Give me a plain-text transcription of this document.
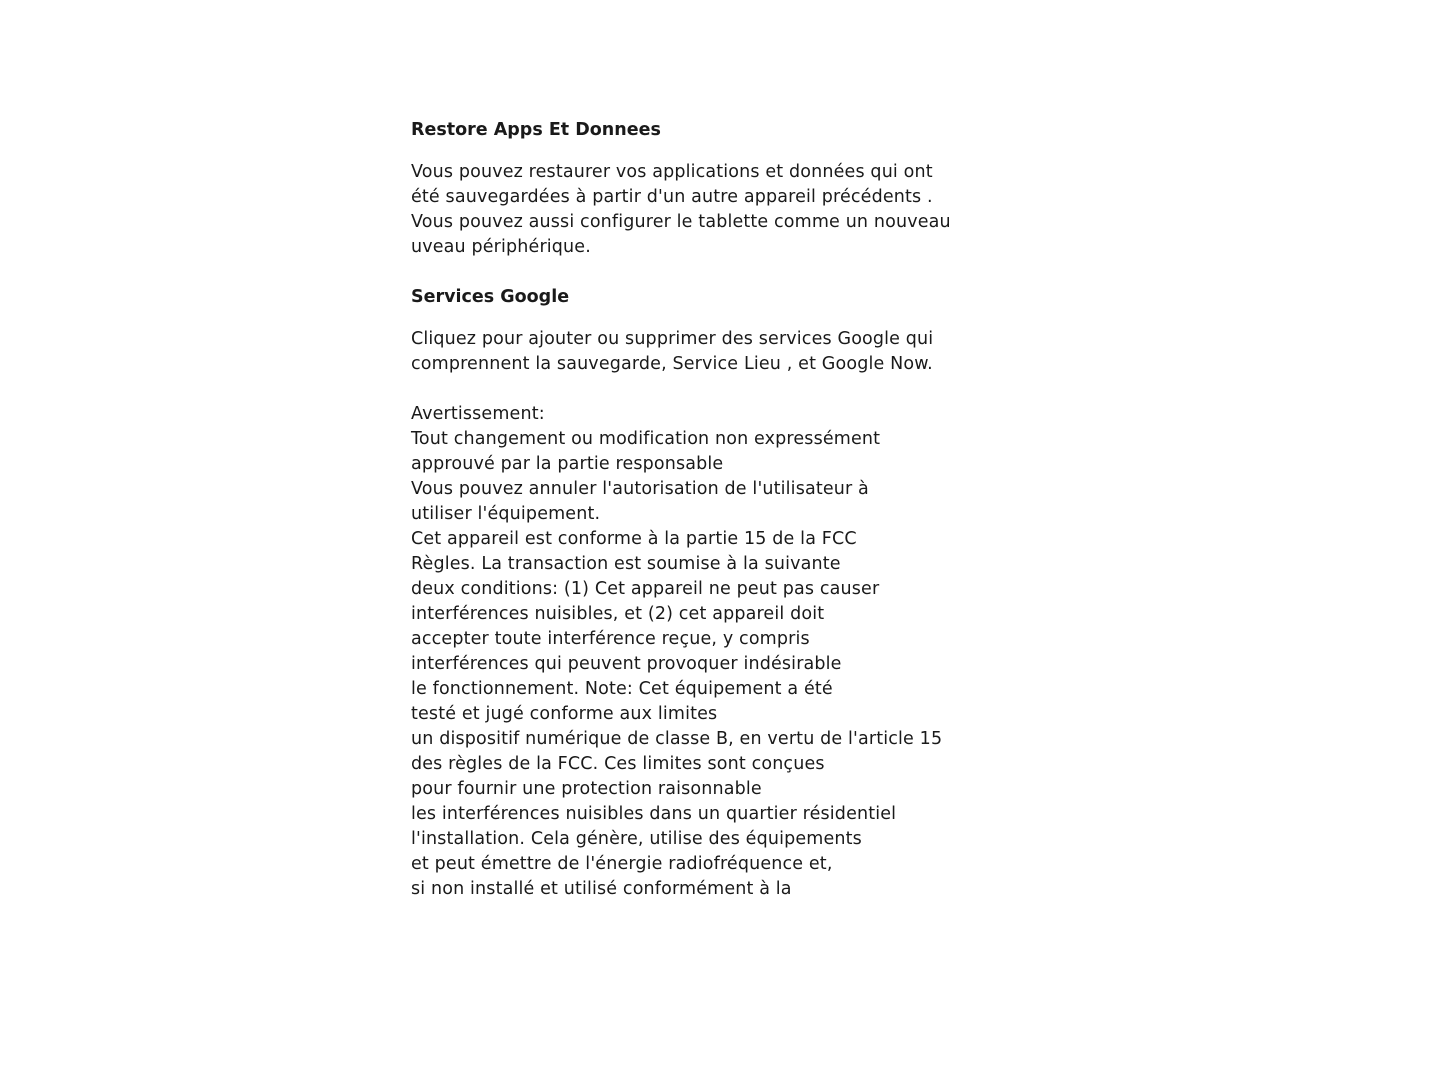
Restore Apps Et Donnees

Vous pouvez restaurer vos applications et données qui ont
été sauvegardées à partir d'un autre appareil précédents .
Vous pouvez aussi configurer le tablette comme un nouveau
uveau périphérique.

Services Google

Cliquez pour ajouter ou supprimer des services Google qui
comprennent la sauvegarde, Service Lieu , et Google Now.

Avertissement:
Tout changement ou modification non expressément
approuvé par la partie responsable
Vous pouvez annuler l'autorisation de l'utilisateur à
utiliser l'équipement.
Cet appareil est conforme à la partie 15 de la FCC
Règles. La transaction est soumise à la suivante
deux conditions: (1) Cet appareil ne peut pas causer
interférences nuisibles, et (2) cet appareil doit
accepter toute interférence reçue, y compris
interférences qui peuvent provoquer indésirable
le fonctionnement. Note: Cet équipement a été
testé et jugé conforme aux limites
un dispositif numérique de classe B, en vertu de l'article 15
des règles de la FCC. Ces limites sont conçues
pour fournir une protection raisonnable
les interférences nuisibles dans un quartier résidentiel
l'installation. Cela génère, utilise des équipements
et peut émettre de l'énergie radiofréquence et,
si non installé et utilisé conformément à la
